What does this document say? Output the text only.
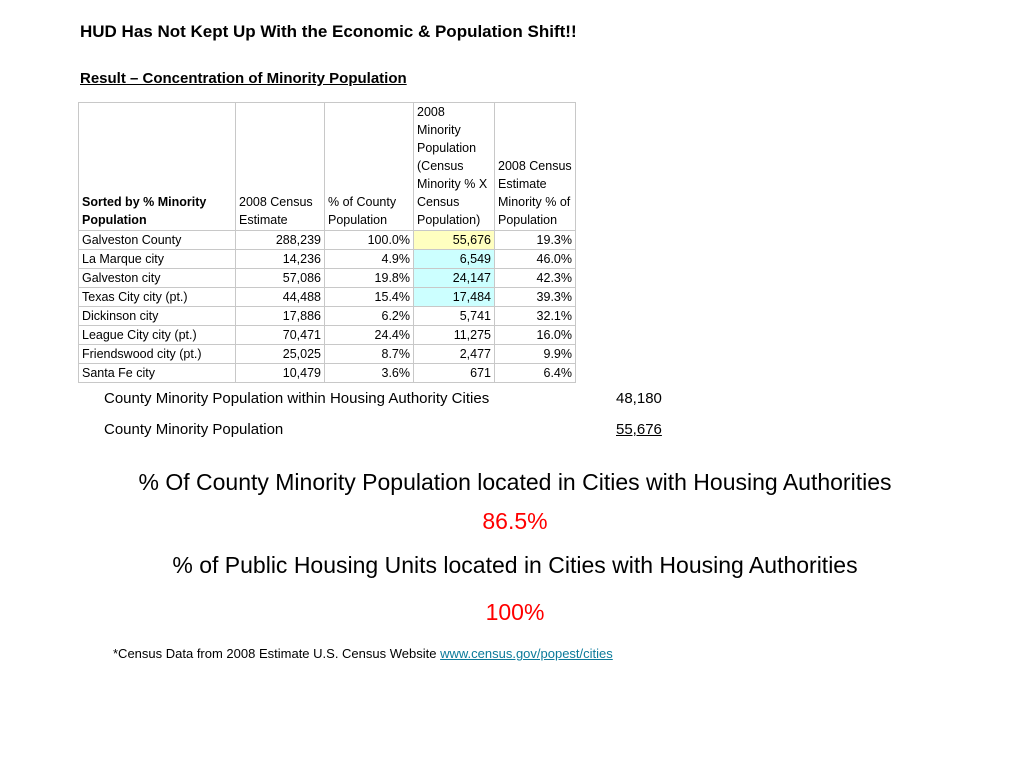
HUD Has Not Kept Up With the Economic & Population Shift!!
Result – Concentration of Minority Population
Sorted by % Minority Population	2008 Census Estimate	% of County Population	2008 Minority Population (Census Minority % X Census Population)	2008 Census Estimate Minority % of Population
Galveston County	288,239	100.0%	55,676	19.3%
La Marque city	14,236	4.9%	6,549	46.0%
Galveston city	57,086	19.8%	24,147	42.3%
Texas City city (pt.)	44,488	15.4%	17,484	39.3%
Dickinson city	17,886	6.2%	5,741	32.1%
League City city (pt.)	70,471	24.4%	11,275	16.0%
Friendswood city (pt.)	25,025	8.7%	2,477	9.9%
Santa Fe city	10,479	3.6%	671	6.4%
County Minority Population within Housing Authority Cities	48,180
County Minority Population	55,676
% Of County Minority Population located in Cities with Housing Authorities
86.5%
% of Public Housing Units located in Cities with Housing Authorities
100%
*Census Data from 2008 Estimate U.S. Census Website www.census.gov/popest/cities
